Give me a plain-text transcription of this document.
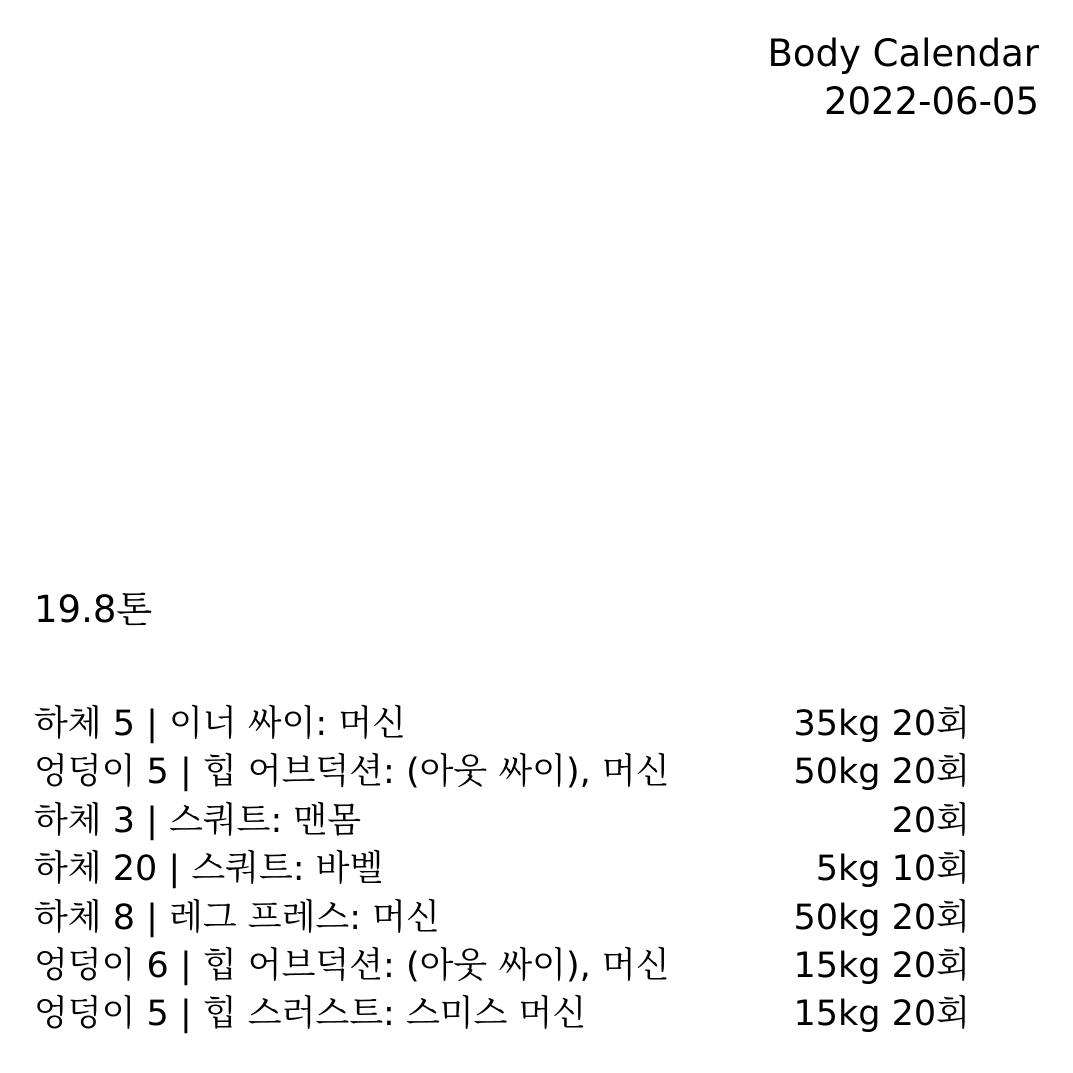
Body Calendar
2022-06-05
19.8톤
하체 5 | 이너 싸이: 머신	35kg 20회
엉덩이 5 | 힙 어브덕션: (아웃 싸이), 머신	50kg 20회
하체 3 | 스쿼트: 맨몸	20회
하체 20 | 스쿼트: 바벨	5kg 10회
하체 8 | 레그 프레스: 머신	50kg 20회
엉덩이 6 | 힙 어브덕션: (아웃 싸이), 머신	15kg 20회
엉덩이 5 | 힙 스러스트: 스미스 머신	15kg 20회
